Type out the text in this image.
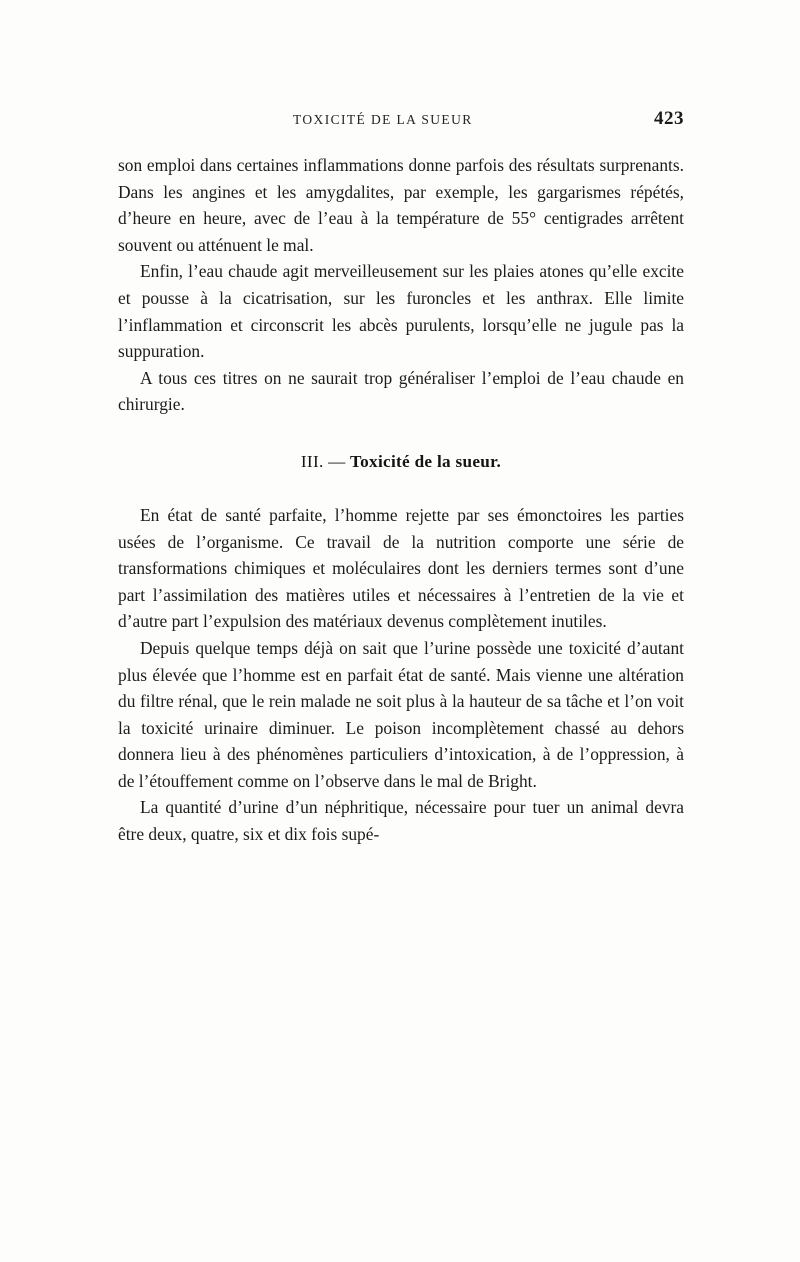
TOXICITÉ DE LA SUEUR	423

son emploi dans certaines inflammations donne parfois des résultats surprenants. Dans les angines et les amygdalites, par exemple, les gargarismes répétés, d’heure en heure, avec de l’eau à la température de 55° centigrades arrêtent souvent ou atténuent le mal.

Enfin, l’eau chaude agit merveilleusement sur les plaies atones qu’elle excite et pousse à la cicatrisation, sur les furoncles et les anthrax. Elle limite l’inflammation et circonscrit les abcès purulents, lorsqu’elle ne jugule pas la suppuration.

A tous ces titres on ne saurait trop généraliser l’emploi de l’eau chaude en chirurgie.

III. — Toxicité de la sueur.

En état de santé parfaite, l’homme rejette par ses émonctoires les parties usées de l’organisme. Ce travail de la nutrition comporte une série de transformations chimiques et moléculaires dont les derniers termes sont d’une part l’assimilation des matières utiles et nécessaires à l’entretien de la vie et d’autre part l’expulsion des matériaux devenus complètement inutiles.

Depuis quelque temps déjà on sait que l’urine possède une toxicité d’autant plus élevée que l’homme est en parfait état de santé. Mais vienne une altération du filtre rénal, que le rein malade ne soit plus à la hauteur de sa tâche et l’on voit la toxicité urinaire diminuer. Le poison incomplètement chassé au dehors donnera lieu à des phénomènes particuliers d’intoxication, à de l’oppression, à de l’étouffement comme on l’observe dans le mal de Bright.

La quantité d’urine d’un néphritique, nécessaire pour tuer un animal devra être deux, quatre, six et dix fois supé-
